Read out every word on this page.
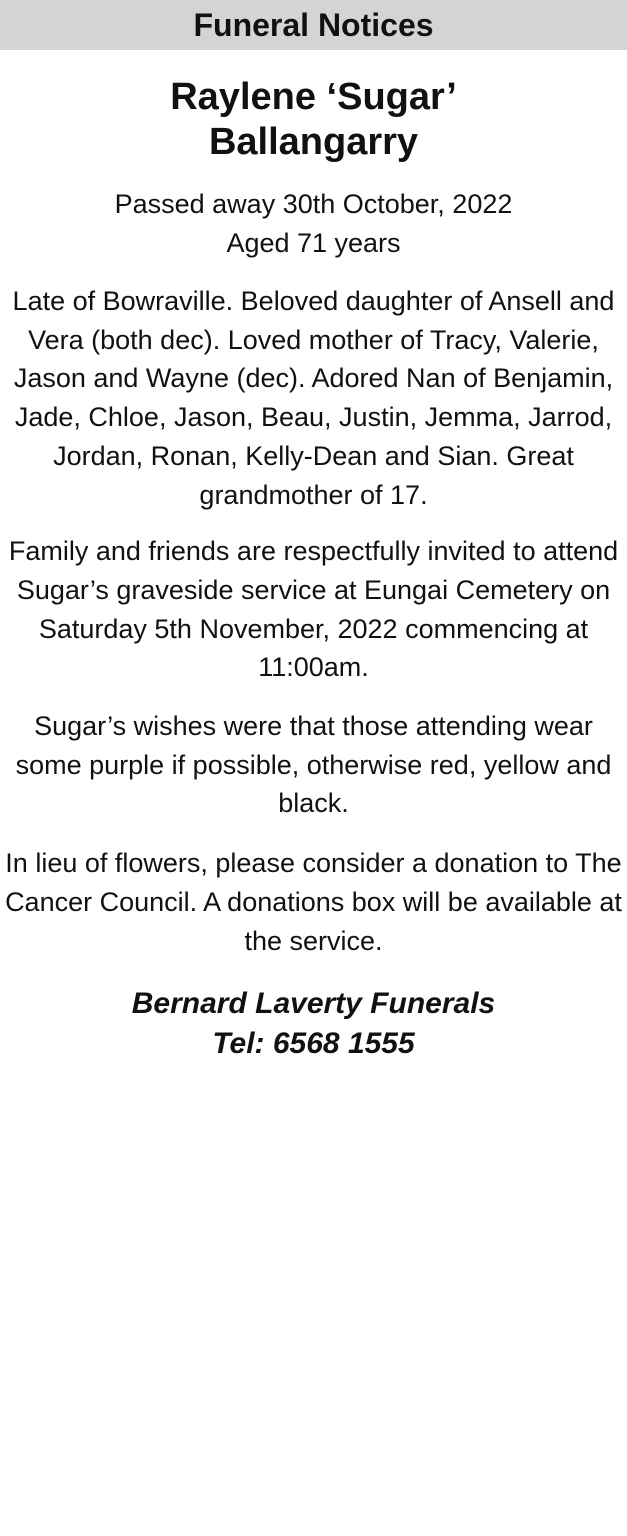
Funeral Notices
Raylene ‘Sugar’
Ballangarry
Passed away 30th October, 2022
Aged 71 years

Late of Bowraville. Beloved daughter of Ansell and Vera (both dec). Loved mother of Tracy, Valerie, Jason and Wayne (dec). Adored Nan of Benjamin, Jade, Chloe, Jason, Beau, Justin, Jemma, Jarrod, Jordan, Ronan, Kelly-Dean and Sian. Great grandmother of 17.

Family and friends are respectfully invited to attend Sugar’s graveside service at Eungai Cemetery on Saturday 5th November, 2022 commencing at 11:00am.

Sugar’s wishes were that those attending wear some purple if possible, otherwise red, yellow and black.

In lieu of flowers, please consider a donation to The Cancer Council. A donations box will be available at the service.

Bernard Laverty Funerals
Tel: 6568 1555
